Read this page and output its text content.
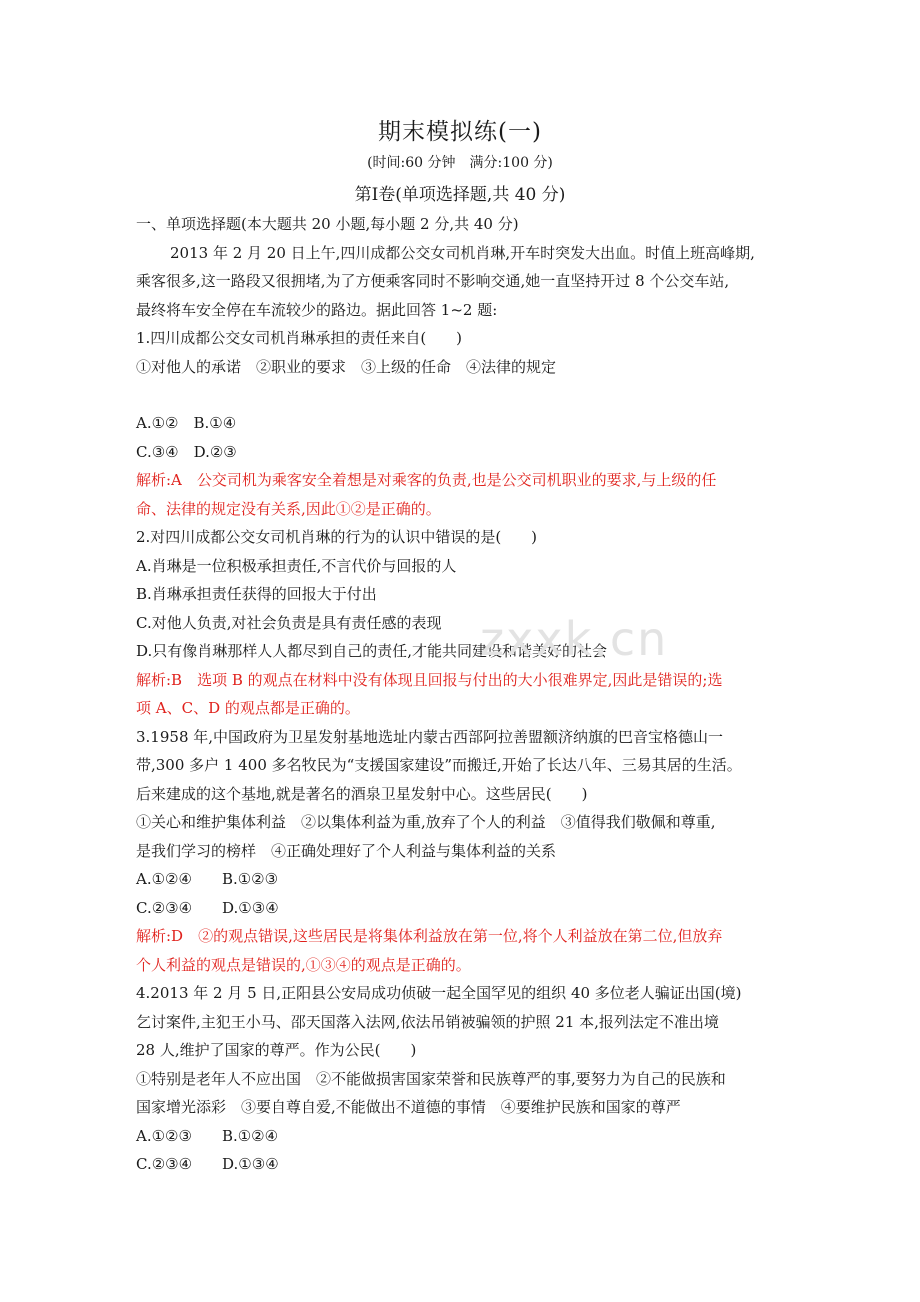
期末模拟练(一)
(时间:60 分钟　满分:100 分)
第Ⅰ卷(单项选择题,共 40 分)
一、单项选择题(本大题共 20 小题,每小题 2 分,共 40 分)
2013 年 2 月 20 日上午,四川成都公交女司机肖琳,开车时突发大出血。时值上班高峰期,
乘客很多,这一路段又很拥堵,为了方便乘客同时不影响交通,她一直坚持开过 8 个公交车站,
最终将车安全停在车流较少的路边。据此回答 1~2 题:
1.四川成都公交女司机肖琳承担的责任来自(　　)
①对他人的承诺　②职业的要求　③上级的任命　④法律的规定
A.①②　B.①④
C.③④　D.②③
解析:A　公交司机为乘客安全着想是对乘客的负责,也是公交司机职业的要求,与上级的任
命、法律的规定没有关系,因此①②是正确的。
2.对四川成都公交女司机肖琳的行为的认识中错误的是(　　)
A.肖琳是一位积极承担责任,不言代价与回报的人
B.肖琳承担责任获得的回报大于付出
C.对他人负责,对社会负责是具有责任感的表现
D.只有像肖琳那样人人都尽到自己的责任,才能共同建设和谐美好的社会
解析:B　选项 B 的观点在材料中没有体现且回报与付出的大小很难界定,因此是错误的;选
项 A、C、D 的观点都是正确的。
3.1958 年,中国政府为卫星发射基地选址内蒙古西部阿拉善盟额济纳旗的巴音宝格德山一
带,300 多户 1 400 多名牧民为“支援国家建设”而搬迁,开始了长达八年、三易其居的生活。
后来建成的这个基地,就是著名的酒泉卫星发射中心。这些居民(　　)
①关心和维护集体利益　②以集体利益为重,放弃了个人的利益　③值得我们敬佩和尊重,
是我们学习的榜样　④正确处理好了个人利益与集体利益的关系
A.①②④　　B.①②③
C.②③④　　D.①③④
解析:D　②的观点错误,这些居民是将集体利益放在第一位,将个人利益放在第二位,但放弃
个人利益的观点是错误的,①③④的观点是正确的。
4.2013 年 2 月 5 日,正阳县公安局成功侦破一起全国罕见的组织 40 多位老人骗证出国(境)
乞讨案件,主犯王小马、邵天国落入法网,依法吊销被骗领的护照 21 本,报列法定不准出境
28 人,维护了国家的尊严。作为公民(　　)
①特别是老年人不应出国　②不能做损害国家荣誉和民族尊严的事,要努力为自己的民族和
国家增光添彩　③要自尊自爱,不能做出不道德的事情　④要维护民族和国家的尊严
A.①②③　　B.①②④
C.②③④　　D.①③④
zxxk.cn
